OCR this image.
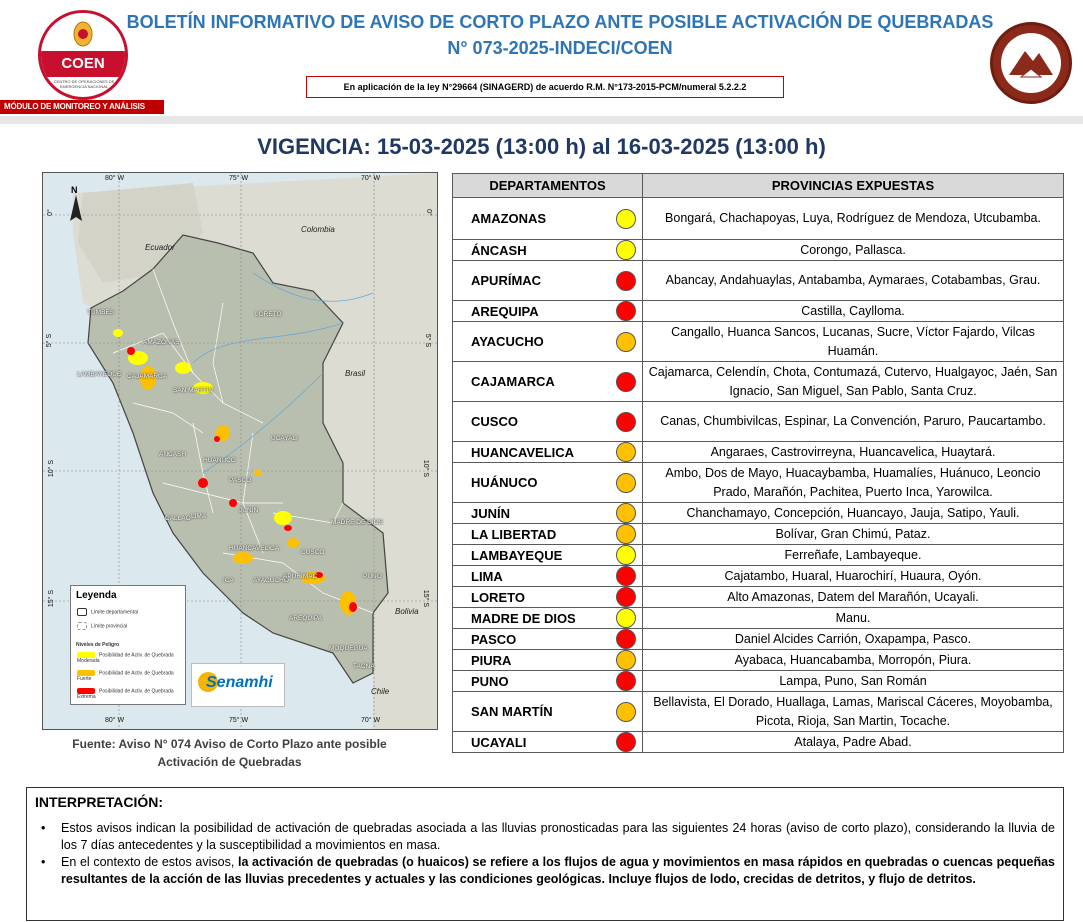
COEN
CENTRO DE OPERACIONES DE EMERGENCIA NACIONAL
MÓDULO DE MONITOREO Y ANÁLISIS
BOLETÍN INFORMATIVO DE AVISO DE CORTO PLAZO ANTE POSIBLE ACTIVACIÓN DE QUEBRADAS
N° 073-2025-INDECI/COEN
En aplicación de la ley N°29664 (SINAGERD) de acuerdo R.M. N°173-2015-PCM/numeral 5.2.2.2
VIGENCIA: 15-03-2025 (13:00 h) al 16-03-2025 (13:00 h)
N
80° W	75° W	70° W
80° W	75° W	70° W
0°
5° S
10° S
15° S
0°
5° S
10° S
15° S
Colombia
Ecuador
Brasil
Bolivia
Chile
TUMBES
AMAZONAS
LAMBAYEQUE CAJAMARCA
SAN MARTIN
LORETO
ANCASH
HUANUCO
PASCO
UCAYALI
CALLAO LIMA
JUNIN
MADRE DE DIOS
HUANCAVELICA
CUSCO
ICA	AYACUCHO
APURIMAC	PUNO
AREQUIPA
MOQUEGUA
TACNA
Leyenda
Límite departamental
Límite provincial
Niveles de Peligro
Posibilidad de Activ. de Quebrada Moderada
Posibilidad de Activ. de Quebrada Fuerte
Posibilidad de Activ. de Quebrada Extrema
Senamhi
Fuente: Aviso N° 074 Aviso de Corto Plazo ante posible Activación de Quebradas
DEPARTAMENTOS	PROVINCIAS EXPUESTAS
AMAZONAS	Bongará, Chachapoyas, Luya, Rodríguez de Mendoza, Utcubamba.
ÁNCASH	Corongo, Pallasca.
APURÍMAC	Abancay, Andahuaylas, Antabamba, Aymaraes, Cotabambas, Grau.
AREQUIPA	Castilla, Caylloma.
AYACUCHO	Cangallo, Huanca Sancos, Lucanas, Sucre, Víctor Fajardo, Vilcas Huamán.
CAJAMARCA	Cajamarca, Celendín, Chota, Contumazá, Cutervo, Hualgayoc, Jaén, San Ignacio, San Miguel, San Pablo, Santa Cruz.
CUSCO	Canas, Chumbivilcas, Espinar, La Convención, Paruro, Paucartambo.
HUANCAVELICA	Angaraes, Castrovirreyna, Huancavelica, Huaytará.
HUÁNUCO	Ambo, Dos de Mayo, Huacaybamba, Huamalíes, Huánuco, Leoncio Prado, Marañón, Pachitea, Puerto Inca, Yarowilca.
JUNÍN	Chanchamayo, Concepción, Huancayo, Jauja, Satipo, Yauli.
LA LIBERTAD	Bolívar, Gran Chimú, Pataz.
LAMBAYEQUE	Ferreñafe, Lambayeque.
LIMA	Cajatambo, Huaral, Huarochirí, Huaura, Oyón.
LORETO	Alto Amazonas, Datem del Marañón, Ucayali.
MADRE DE DIOS	Manu.
PASCO	Daniel Alcides Carrión, Oxapampa, Pasco.
PIURA	Ayabaca, Huancabamba, Morropón, Piura.
PUNO	Lampa, Puno, San Román
SAN MARTÍN	Bellavista, El Dorado, Huallaga, Lamas, Mariscal Cáceres, Moyobamba, Picota, Rioja, San Martin, Tocache.
UCAYALI	Atalaya, Padre Abad.
INTERPRETACIÓN:
• Estos avisos indican la posibilidad de activación de quebradas asociada a las lluvias pronosticadas para las siguientes 24 horas (aviso de corto plazo), considerando la lluvia de los 7 días antecedentes y la susceptibilidad a movimientos en masa.
• En el contexto de estos avisos, la activación de quebradas (o huaicos) se refiere a los flujos de agua y movimientos en masa rápidos en quebradas o cuencas pequeñas resultantes de la acción de las lluvias precedentes y actuales y las condiciones geológicas. Incluye flujos de lodo, crecidas de detritos, y flujo de detritos.
